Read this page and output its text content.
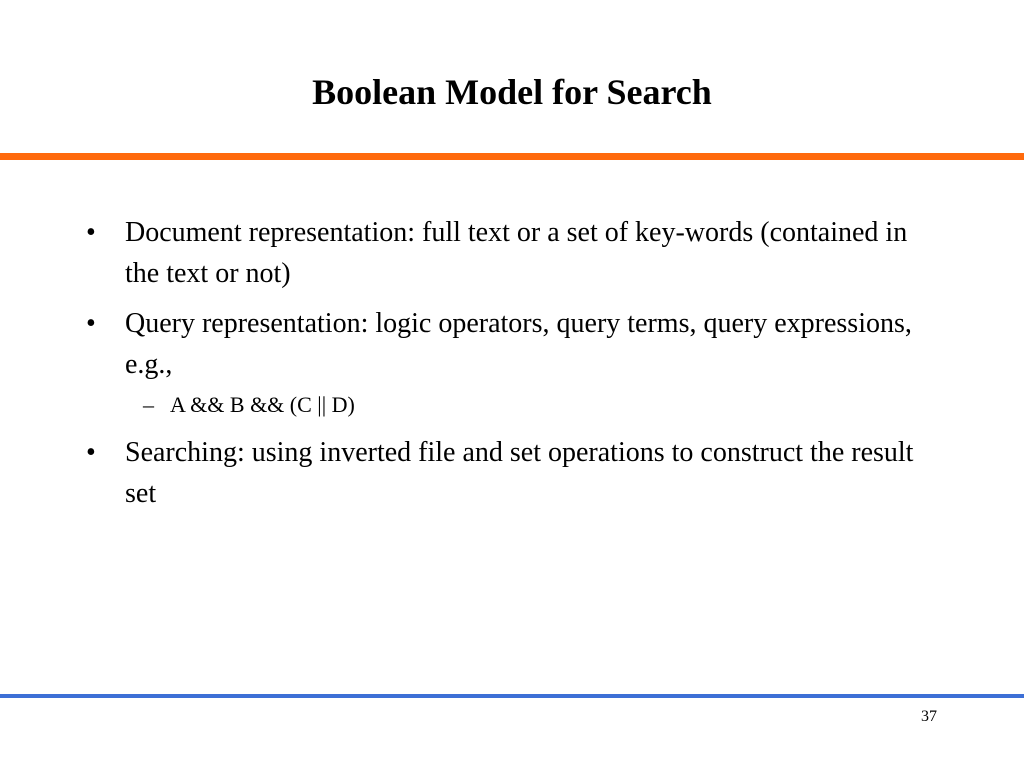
Boolean Model for Search
• Document representation: full text or a set of key-words (contained in the text or not)
• Query representation: logic operators, query terms, query expressions, e.g.,
– A && B && (C || D)
• Searching: using inverted file and set operations to construct the result set
37
